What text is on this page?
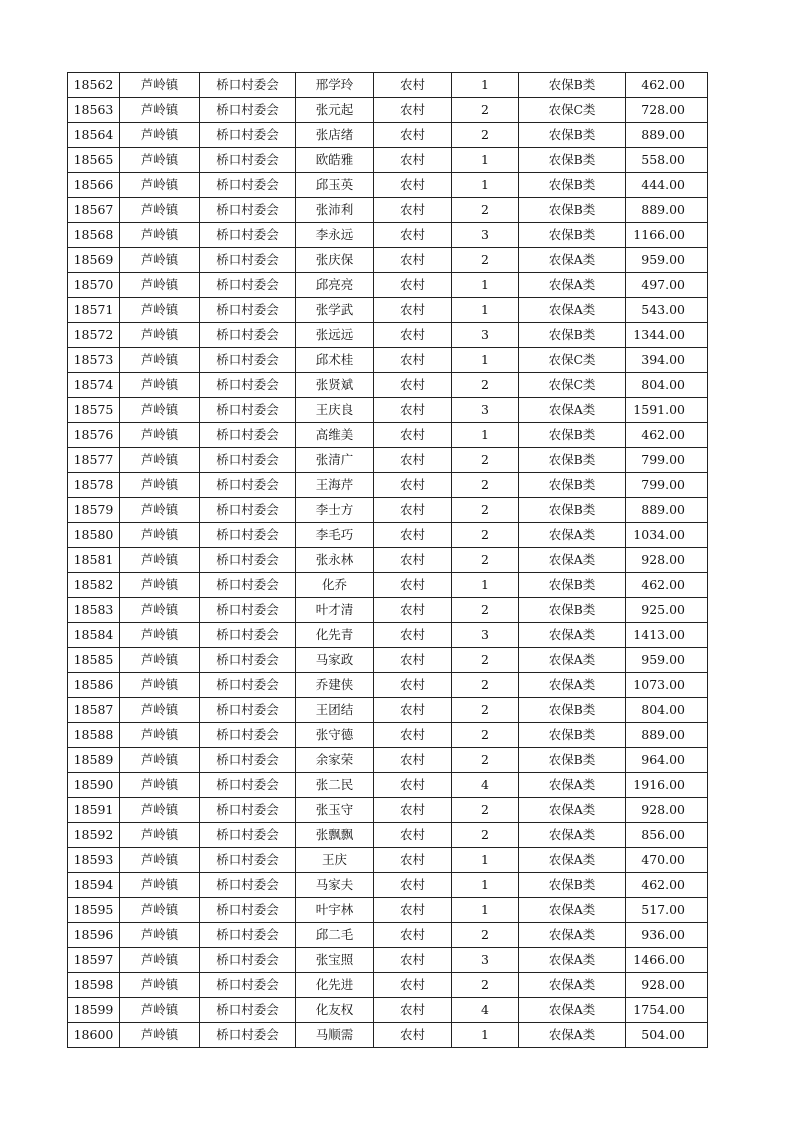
18562	芦岭镇	桥口村委会	邢学玲	农村	1	农保B类	462.00
18563	芦岭镇	桥口村委会	张元起	农村	2	农保C类	728.00
18564	芦岭镇	桥口村委会	张店绪	农村	2	农保B类	889.00
18565	芦岭镇	桥口村委会	欧皓雅	农村	1	农保B类	558.00
18566	芦岭镇	桥口村委会	邱玉英	农村	1	农保B类	444.00
18567	芦岭镇	桥口村委会	张沛利	农村	2	农保B类	889.00
18568	芦岭镇	桥口村委会	李永远	农村	3	农保B类	1166.00
18569	芦岭镇	桥口村委会	张庆保	农村	2	农保A类	959.00
18570	芦岭镇	桥口村委会	邱亮亮	农村	1	农保A类	497.00
18571	芦岭镇	桥口村委会	张学武	农村	1	农保A类	543.00
18572	芦岭镇	桥口村委会	张远远	农村	3	农保B类	1344.00
18573	芦岭镇	桥口村委会	邱术桂	农村	1	农保C类	394.00
18574	芦岭镇	桥口村委会	张贤斌	农村	2	农保C类	804.00
18575	芦岭镇	桥口村委会	王庆良	农村	3	农保A类	1591.00
18576	芦岭镇	桥口村委会	高维美	农村	1	农保B类	462.00
18577	芦岭镇	桥口村委会	张清广	农村	2	农保B类	799.00
18578	芦岭镇	桥口村委会	王海芹	农村	2	农保B类	799.00
18579	芦岭镇	桥口村委会	李士方	农村	2	农保B类	889.00
18580	芦岭镇	桥口村委会	李毛巧	农村	2	农保A类	1034.00
18581	芦岭镇	桥口村委会	张永林	农村	2	农保A类	928.00
18582	芦岭镇	桥口村委会	化乔	农村	1	农保B类	462.00
18583	芦岭镇	桥口村委会	叶才清	农村	2	农保B类	925.00
18584	芦岭镇	桥口村委会	化先青	农村	3	农保A类	1413.00
18585	芦岭镇	桥口村委会	马家政	农村	2	农保A类	959.00
18586	芦岭镇	桥口村委会	乔建侠	农村	2	农保A类	1073.00
18587	芦岭镇	桥口村委会	王团结	农村	2	农保B类	804.00
18588	芦岭镇	桥口村委会	张守德	农村	2	农保B类	889.00
18589	芦岭镇	桥口村委会	余家荣	农村	2	农保B类	964.00
18590	芦岭镇	桥口村委会	张二民	农村	4	农保A类	1916.00
18591	芦岭镇	桥口村委会	张玉守	农村	2	农保A类	928.00
18592	芦岭镇	桥口村委会	张飘飘	农村	2	农保A类	856.00
18593	芦岭镇	桥口村委会	王庆	农村	1	农保A类	470.00
18594	芦岭镇	桥口村委会	马家夫	农村	1	农保B类	462.00
18595	芦岭镇	桥口村委会	叶宇林	农村	1	农保A类	517.00
18596	芦岭镇	桥口村委会	邱二毛	农村	2	农保A类	936.00
18597	芦岭镇	桥口村委会	张宝照	农村	3	农保A类	1466.00
18598	芦岭镇	桥口村委会	化先进	农村	2	农保A类	928.00
18599	芦岭镇	桥口村委会	化友权	农村	4	农保A类	1754.00
18600	芦岭镇	桥口村委会	马顺需	农村	1	农保A类	504.00
